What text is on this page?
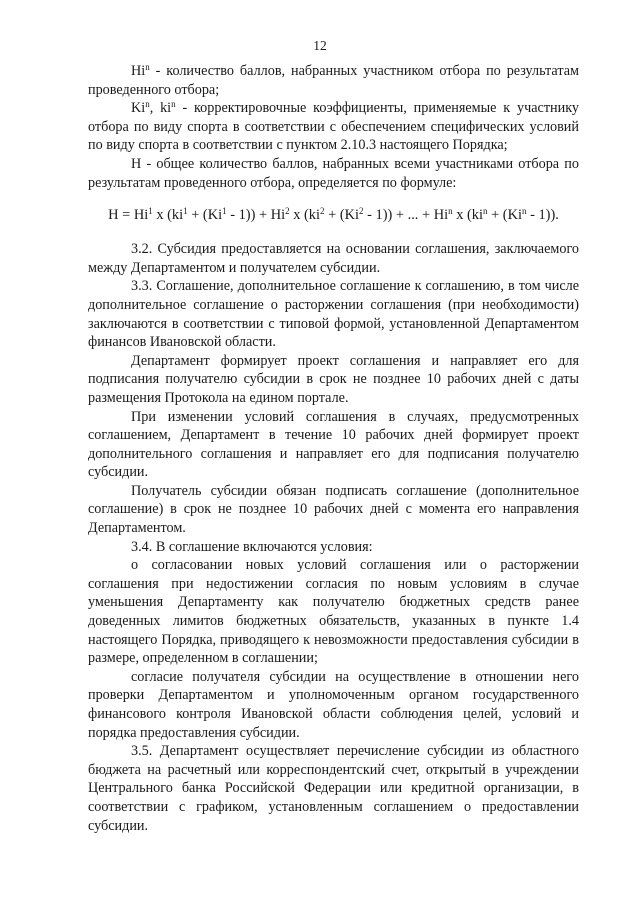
12

Hi$^n$ - количество баллов, набранных участником отбора по результатам проведенного отбора;

Ki$^n$, $ki^n$ - корректировочные коэффициенты, применяемые к участнику отбора по виду спорта в соответствии с обеспечением специфических условий по виду спорта в соответствии с пунктом 2.10.3 настоящего Порядка;

Н - общее количество баллов, набранных всеми участниками отбора по результатам проведенного отбора, определяется по формуле:

$Н = Hi^1$ x $(ki^1 + (Ki^1 - 1)) + Hi^2$ x $(ki^2 + (Ki^2 - 1))$ + ... + $Hi^n$ x $(ki^n + (Ki^n - 1))$.

3.2. Субсидия предоставляется на основании соглашения, заключаемого между Департаментом и получателем субсидии.

3.3. Соглашение, дополнительное соглашение к соглашению, в том числе дополнительное соглашение о расторжении соглашения (при необходимости) заключаются в соответствии с типовой формой, установленной Департаментом финансов Ивановской области.

Департамент формирует проект соглашения и направляет его для подписания получателю субсидии в срок не позднее 10 рабочих дней с даты размещения Протокола на едином портале.

При изменении условий соглашения в случаях, предусмотренных соглашением, Департамент в течение 10 рабочих дней формирует проект дополнительного соглашения и направляет его для подписания получателю субсидии.

Получатель субсидии обязан подписать соглашение (дополнительное соглашение) в срок не позднее 10 рабочих дней с момента его направления Департаментом.

3.4. В соглашение включаются условия:

о согласовании новых условий соглашения или о расторжении соглашения при недостижении согласия по новым условиям в случае уменьшения Департаменту как получателю бюджетных средств ранее доведенных лимитов бюджетных обязательств, указанных в пункте 1.4 настоящего Порядка, приводящего к невозможности предоставления субсидии в размере, определенном в соглашении;

согласие получателя субсидии на осуществление в отношении него проверки Департаментом и уполномоченным органом государственного финансового контроля Ивановской области соблюдения целей, условий и порядка предоставления субсидии.

3.5. Департамент осуществляет перечисление субсидии из областного бюджета на расчетный или корреспондентский счет, открытый в учреждении Центрального банка Российской Федерации или кредитной организации, в соответствии с графиком, установленным соглашением о предоставлении субсидии.
